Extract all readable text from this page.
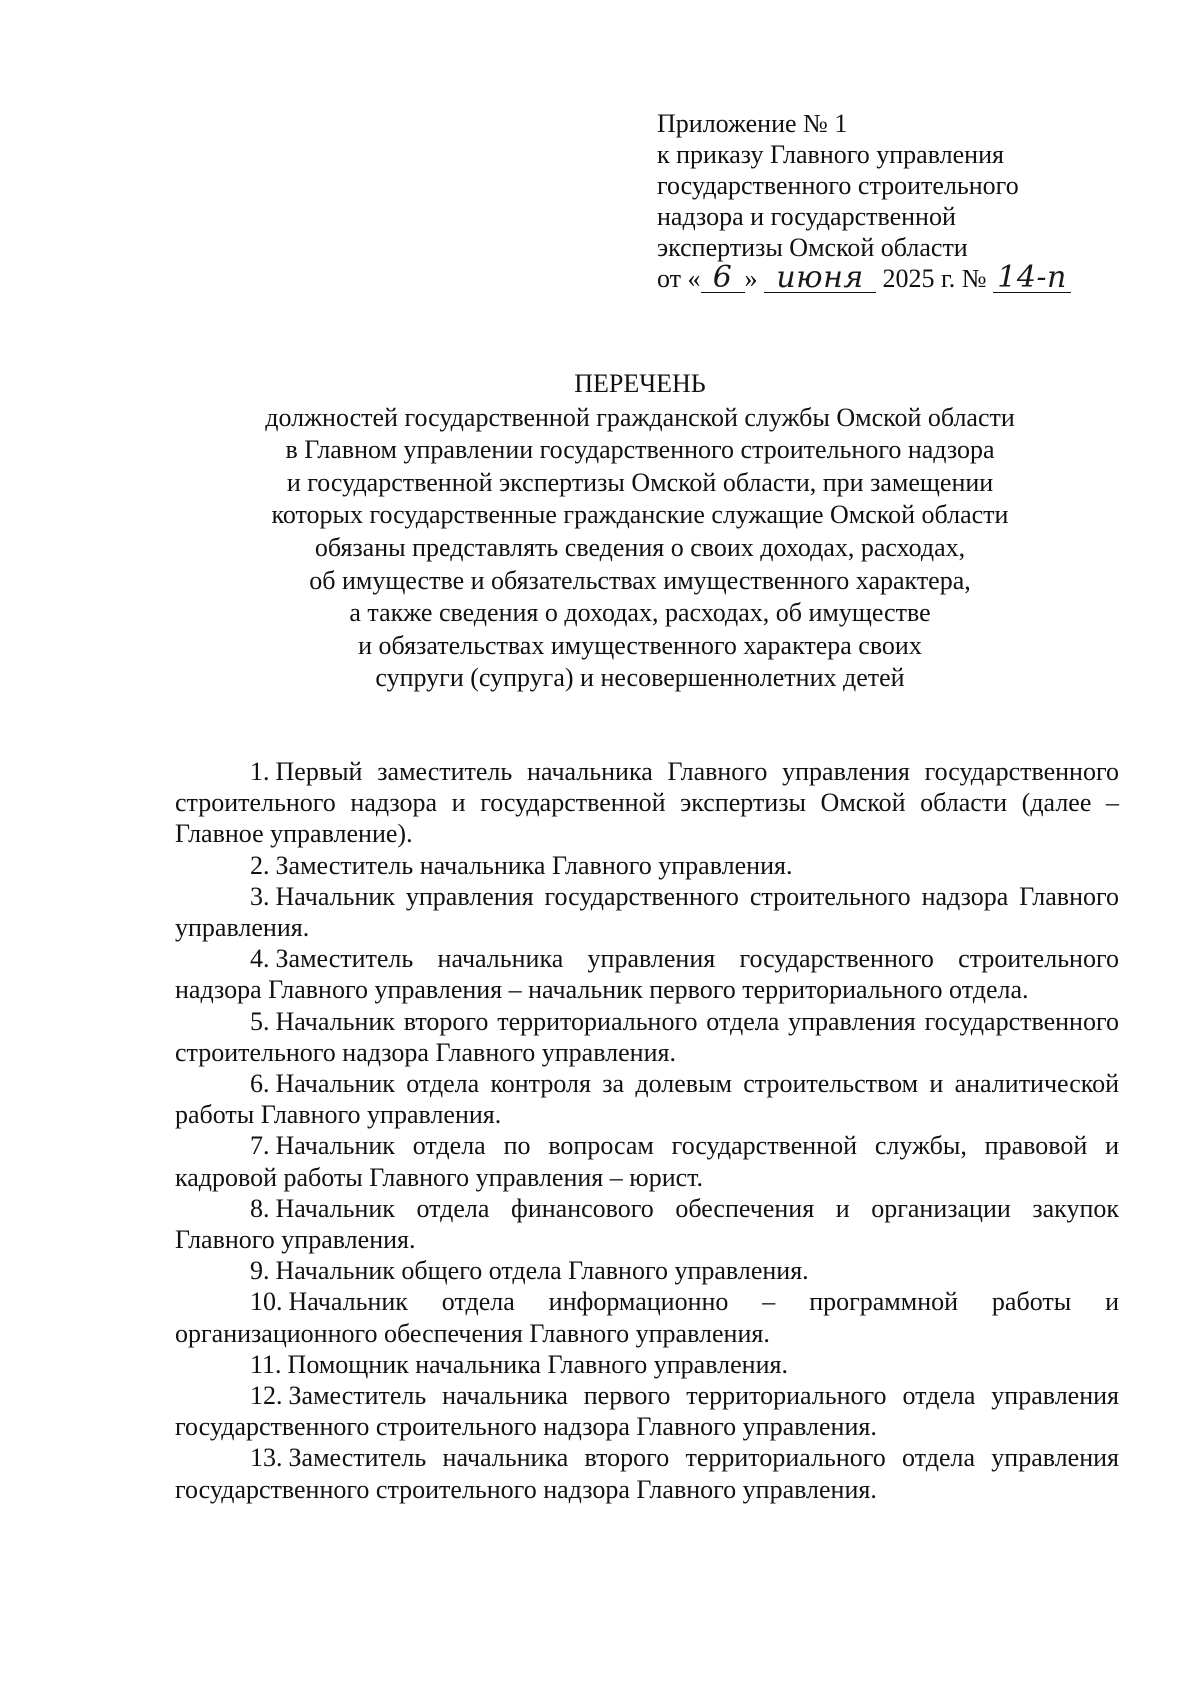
Приложение № 1
к приказу Главного управления
государственного строительного
надзора и государственной
экспертизы Омской области
от « 6 » июня 2025 г. № 14-п
ПЕРЕЧЕНЬ
должностей государственной гражданской службы Омской области
в Главном управлении государственного строительного надзора
и государственной экспертизы Омской области, при замещении
которых государственные гражданские служащие Омской области
обязаны представлять сведения о своих доходах, расходах,
об имуществе и обязательствах имущественного характера,
а также сведения о доходах, расходах, об имуществе
и обязательствах имущественного характера своих
супруги (супруга) и несовершеннолетних детей

1. Первый заместитель начальника Главного управления государственного строительного надзора и государственной экспертизы Омской области (далее – Главное управление).

2. Заместитель начальника Главного управления.

3. Начальник управления государственного строительного надзора Главного управления.

4. Заместитель начальника управления государственного строительного надзора Главного управления – начальник первого территориального отдела.

5. Начальник второго территориального отдела управления государственного строительного надзора Главного управления.

6. Начальник отдела контроля за долевым строительством и аналитической работы Главного управления.

7. Начальник отдела по вопросам государственной службы, правовой и кадровой работы Главного управления – юрист.

8. Начальник отдела финансового обеспечения и организации закупок Главного управления.

9. Начальник общего отдела Главного управления.

10. Начальник отдела информационно – программной работы и организационного обеспечения Главного управления.

11. Помощник начальника Главного управления.

12. Заместитель начальника первого территориального отдела управления государственного строительного надзора Главного управления.

13. Заместитель начальника второго территориального отдела управления государственного строительного надзора Главного управления.
